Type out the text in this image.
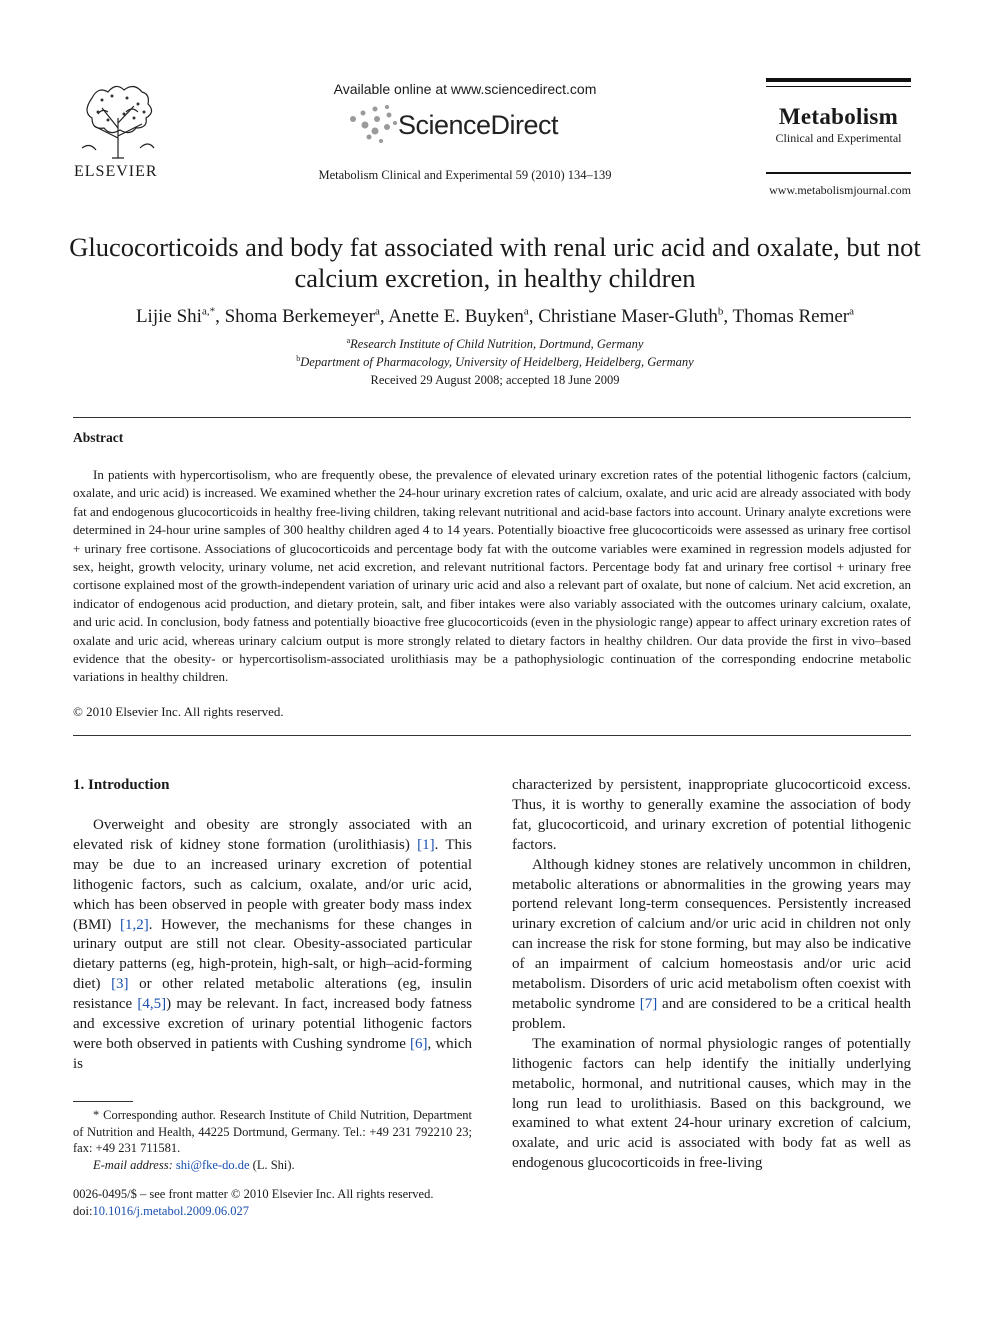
ELSEVIER
Available online at www.sciencedirect.com
ScienceDirect
Metabolism Clinical and Experimental 59 (2010) 134–139
Metabolism
Clinical and Experimental
www.metabolismjournal.com
Glucocorticoids and body fat associated with renal uric acid and oxalate, but not calcium excretion, in healthy children
Lijie Shi$^{a,*}$, Shoma Berkemeyer$^a$, Anette E. Buyken$^a$, Christiane Maser-Gluth$^b$, Thomas Remer$^a$
$^a$Research Institute of Child Nutrition, Dortmund, Germany
$^b$Department of Pharmacology, University of Heidelberg, Heidelberg, Germany
Received 29 August 2008; accepted 18 June 2009
Abstract

In patients with hypercortisolism, who are frequently obese, the prevalence of elevated urinary excretion rates of the potential lithogenic factors (calcium, oxalate, and uric acid) is increased. We examined whether the 24-hour urinary excretion rates of calcium, oxalate, and uric acid are already associated with body fat and endogenous glucocorticoids in healthy free-living children, taking relevant nutritional and acid-base factors into account. Urinary analyte excretions were determined in 24-hour urine samples of 300 healthy children aged 4 to 14 years. Potentially bioactive free glucocorticoids were assessed as urinary free cortisol + urinary free cortisone. Associations of glucocorticoids and percentage body fat with the outcome variables were examined in regression models adjusted for sex, height, growth velocity, urinary volume, net acid excretion, and relevant nutritional factors. Percentage body fat and urinary free cortisol + urinary free cortisone explained most of the growth-independent variation of urinary uric acid and also a relevant part of oxalate, but none of calcium. Net acid excretion, an indicator of endogenous acid production, and dietary protein, salt, and fiber intakes were also variably associated with the outcomes urinary calcium, oxalate, and uric acid. In conclusion, body fatness and potentially bioactive free glucocorticoids (even in the physiologic range) appear to affect urinary excretion rates of oxalate and uric acid, whereas urinary calcium output is more strongly related to dietary factors in healthy children. Our data provide the first in vivo–based evidence that the obesity- or hypercortisolism-associated urolithiasis may be a pathophysiologic continuation of the corresponding endocrine metabolic variations in healthy children.

© 2010 Elsevier Inc. All rights reserved.
1. Introduction

Overweight and obesity are strongly associated with an elevated risk of kidney stone formation (urolithiasis) [1]. This may be due to an increased urinary excretion of potential lithogenic factors, such as calcium, oxalate, and/or uric acid, which has been observed in people with greater body mass index (BMI) [1,2]. However, the mechanisms for these changes in urinary output are still not clear. Obesity-associated particular dietary patterns (eg, high-protein, high-salt, or high–acid-forming diet) [3] or other related metabolic alterations (eg, insulin resistance [4,5]) may be relevant. In fact, increased body fatness and excessive excretion of urinary potential lithogenic factors were both observed in patients with Cushing syndrome [6], which is

* Corresponding author. Research Institute of Child Nutrition, Department of Nutrition and Health, 44225 Dortmund, Germany. Tel.: +49 231 792210 23; fax: +49 231 711581.

E-mail address: shi@fke-do.de (L. Shi).

0026-0495/$ – see front matter © 2010 Elsevier Inc. All rights reserved.
doi:10.1016/j.metabol.2009.06.027

characterized by persistent, inappropriate glucocorticoid excess. Thus, it is worthy to generally examine the association of body fat, glucocorticoid, and urinary excretion of potential lithogenic factors.

Although kidney stones are relatively uncommon in children, metabolic alterations or abnormalities in the growing years may portend relevant long-term consequences. Persistently increased urinary excretion of calcium and/or uric acid in children not only can increase the risk for stone forming, but may also be indicative of an impairment of calcium homeostasis and/or uric acid metabolism. Disorders of uric acid metabolism often coexist with metabolic syndrome [7] and are considered to be a critical health problem.

The examination of normal physiologic ranges of potentially lithogenic factors can help identify the initially underlying metabolic, hormonal, and nutritional causes, which may in the long run lead to urolithiasis. Based on this background, we examined to what extent 24-hour urinary excretion of calcium, oxalate, and uric acid is associated with body fat as well as endogenous glucocorticoids in free-living
